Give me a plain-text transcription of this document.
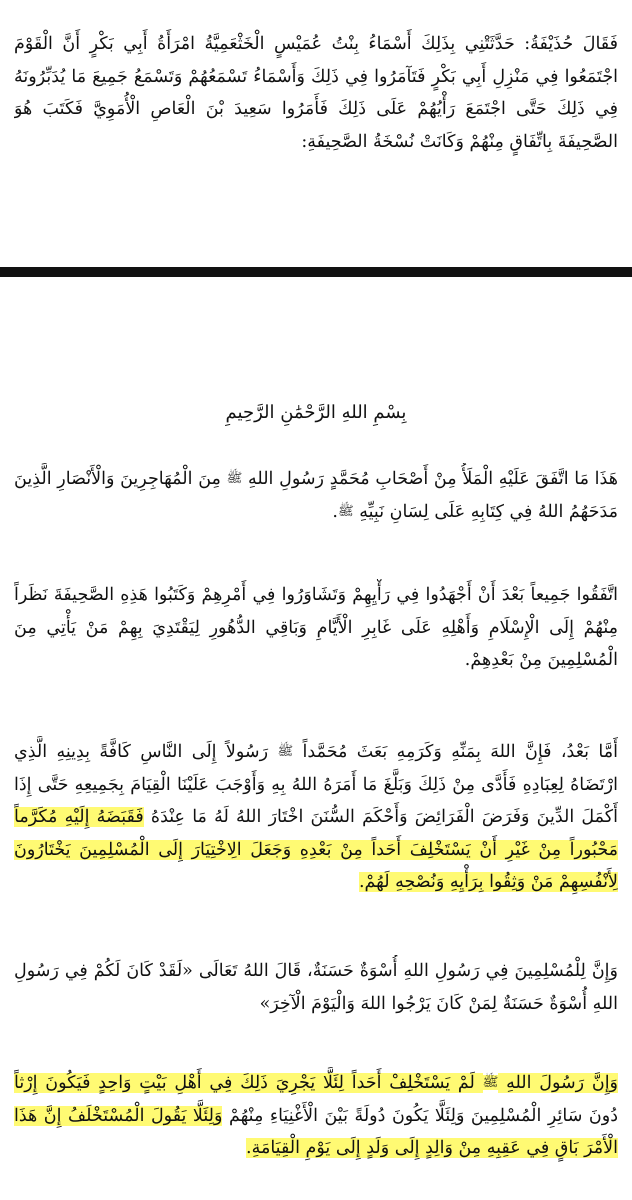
فَقَالَ حُذَيْفَةُ: حَدَّثَتْنِي بِذَلِكَ أَسْمَاءُ بِنْتُ عُمَيْسٍ الْخَثْعَمِيَّةُ امْرَأَةُ أَبِي بَكْرٍ أَنَّ الْقَوْمَ اجْتَمَعُوا فِي مَنْزِلِ أَبِي بَكْرٍ فَتَآمَرُوا فِي ذَلِكَ وَأَسْمَاءُ تَسْمَعُهُمْ وَتَسْمَعُ جَمِيعَ مَا يُدَبِّرُونَهُ فِي ذَلِكَ حَتَّى اجْتَمَعَ رَأْيُهُمْ عَلَى ذَلِكَ فَأَمَرُوا سَعِيدَ بْنَ الْعَاصِ الْأُمَوِيَّ فَكَتَبَ هُوَ الصَّحِيفَةَ بِاتِّفَاقٍ مِنْهُمْ وَكَانَتْ نُسْخَةُ الصَّحِيفَةِ:

بِسْمِ اللهِ الرَّحْمَٰنِ الرَّحِيمِ

هَذَا مَا اتَّفَقَ عَلَيْهِ الْمَلَأُ مِنْ أَصْحَابِ مُحَمَّدٍ رَسُولِ اللهِ ﷺ مِنَ الْمُهَاجِرِينَ وَالْأَنْصَارِ الَّذِينَ مَدَحَهُمُ اللهُ فِي كِتَابِهِ عَلَى لِسَانِ نَبِيِّهِ ﷺ.

اتَّفَقُوا جَمِيعاً بَعْدَ أَنْ أَجْهَدُوا فِي رَأْيِهِمْ وَتَشَاوَرُوا فِي أَمْرِهِمْ وَكَتَبُوا هَذِهِ الصَّحِيفَةَ نَظَراً مِنْهُمْ إِلَى الْإِسْلَامِ وَأَهْلِهِ عَلَى غَابِرِ الْأَيَّامِ وَبَاقِي الدُّهُورِ لِيَقْتَدِيَ بِهِمْ مَنْ يَأْتِي مِنَ الْمُسْلِمِينَ مِنْ بَعْدِهِمْ.

أَمَّا بَعْدُ، فَإِنَّ اللهَ بِمَنِّهِ وَكَرَمِهِ بَعَثَ مُحَمَّداً ﷺ رَسُولاً إِلَى النَّاسِ كَافَّةً بِدِينِهِ الَّذِي ارْتَضَاهُ لِعِبَادِهِ فَأَدَّى مِنْ ذَلِكَ وَبَلَّغَ مَا أَمَرَهُ اللهُ بِهِ وَأَوْجَبَ عَلَيْنَا الْقِيَامَ بِجَمِيعِهِ حَتَّى إِذَا أَكْمَلَ الدِّينَ وَفَرَضَ الْفَرَائِضَ وَأَحْكَمَ السُّنَنَ اخْتَارَ اللهُ لَهُ مَا عِنْدَهُ فَقَبَضَهُ إِلَيْهِ مُكَرَّماً مَحْبُوراً مِنْ غَيْرِ أَنْ يَسْتَخْلِفَ أَحَداً مِنْ بَعْدِهِ وَجَعَلَ الِاخْتِيَارَ إِلَى الْمُسْلِمِينَ يَخْتَارُونَ لِأَنْفُسِهِمْ مَنْ وَثِقُوا بِرَأْيِهِ وَنُصْحِهِ لَهُمْ.

وَإِنَّ لِلْمُسْلِمِينَ فِي رَسُولِ اللهِ أُسْوَةٌ حَسَنَةٌ، قَالَ اللهُ تَعَالَى «لَقَدْ كَانَ لَكُمْ فِي رَسُولِ اللهِ أُسْوَةٌ حَسَنَةٌ لِمَنْ كَانَ يَرْجُوا اللهَ وَالْيَوْمَ الْآخِرَ»

وَإِنَّ رَسُولَ اللهِ ﷺ لَمْ يَسْتَخْلِفْ أَحَداً لِئَلَّا يَجْرِيَ ذَلِكَ فِي أَهْلِ بَيْتٍ وَاحِدٍ فَيَكُونَ إِرْثاً دُونَ سَائِرِ الْمُسْلِمِينَ وَلِئَلَّا يَكُونَ دُولَةً بَيْنَ الْأَغْنِيَاءِ مِنْهُمْ وَلِئَلَّا يَقُولَ الْمُسْتَخْلَفُ إِنَّ هَذَا الْأَمْرَ بَاقٍ فِي عَقِبِهِ مِنْ وَالِدٍ إِلَى وَلَدٍ إِلَى يَوْمِ الْقِيَامَةِ.
